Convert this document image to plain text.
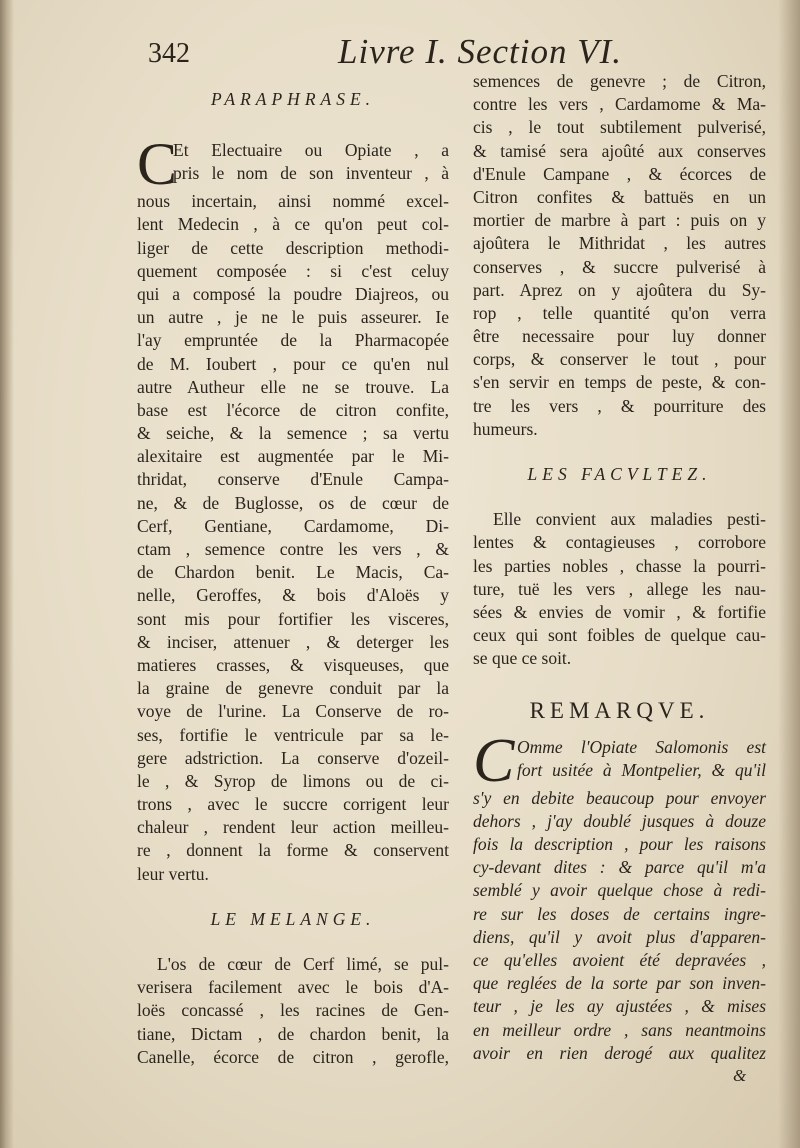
342	Livre I. Section VI.
PARAPHRASE.
C
Et Electuaire ou Opiate , a
pris le nom de son inventeur , à
nous incertain, ainsi nommé excel-
lent Medecin , à ce qu'on peut col-
liger de cette description methodi-
quement composée : si c'est celuy
qui a composé la poudre Diajreos, ou
un autre , je ne le puis asseurer. Ie
l'ay empruntée de la Pharmacopée
de M. Ioubert , pour ce qu'en nul
autre Autheur elle ne se trouve. La
base est l'écorce de citron confite,
& seiche, & la semence ; sa vertu
alexitaire est augmentée par le Mi-
thridat, conserve d'Enule Campa-
ne, & de Buglosse, os de cœur de
Cerf, Gentiane, Cardamome, Di-
ctam , semence contre les vers , &
de Chardon benit. Le Macis, Ca-
nelle, Geroffes, & bois d'Aloës y
sont mis pour fortifier les visceres,
& inciser, attenuer , & deterger les
matieres crasses, & visqueuses, que
la graine de genevre conduit par la
voye de l'urine. La Conserve de ro-
ses, fortifie le ventricule par sa le-
gere adstriction. La conserve d'ozeil-
le , & Syrop de limons ou de ci-
trons , avec le succre corrigent leur
chaleur , rendent leur action meilleu-
re , donnent la forme & conservent
leur vertu.
LE MELANGE.
L'os de cœur de Cerf limé, se pul-
verisera facilement avec le bois d'A-
loës concassé , les racines de Gen-
tiane, Dictam , de chardon benit, la
Canelle, écorce de citron , gerofle,
semences de genevre ; de Citron,
contre les vers , Cardamome & Ma-
cis , le tout subtilement pulverisé,
& tamisé sera ajoûté aux conserves
d'Enule Campane , & écorces de
Citron confites & battuës en un
mortier de marbre à part : puis on y
ajoûtera le Mithridat , les autres
conserves , & succre pulverisé à
part. Aprez on y ajoûtera du Sy-
rop , telle quantité qu'on verra
être necessaire pour luy donner
corps, & conserver le tout , pour
s'en servir en temps de peste, & con-
tre les vers , & pourriture des
humeurs.
LES FACVLTEZ.
Elle convient aux maladies pesti-
lentes & contagieuses , corrobore
les parties nobles , chasse la pourri-
ture, tuë les vers , allege les nau-
sées & envies de vomir , & fortifie
ceux qui sont foibles de quelque cau-
se que ce soit.
REMARQVE.
C Omme l'Opiate Salomonis est
fort usitée à Montpelier, & qu'il
s'y en debite beaucoup pour envoyer
dehors , j'ay doublé jusques à douze
fois la description , pour les raisons
cy-devant dites : & parce qu'il m'a
semblé y avoir quelque chose à redi-
re sur les doses de certains ingre-
diens, qu'il y avoit plus d'apparen-
ce qu'elles avoient été depravées ,
que reglées de la sorte par son inven-
teur , je les ay ajustées , & mises
en meilleur ordre , sans neantmoins
avoir en rien derogé aux qualitez
&
